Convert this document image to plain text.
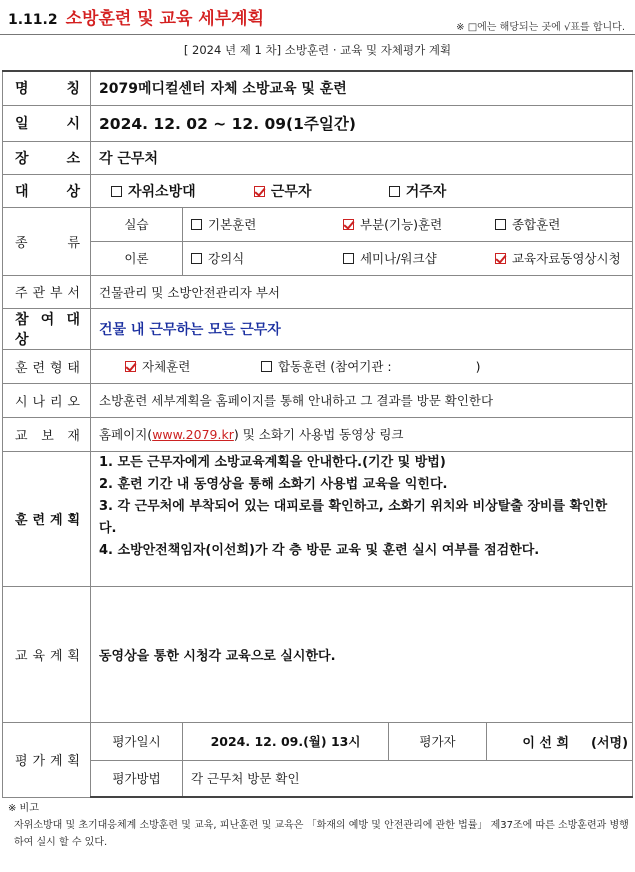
1.11.2 소방훈련 및 교육 세부계획	※ □에는 해당되는 곳에 √표를 합니다.
[ 2024 년 제 1 차] 소방훈련 · 교육 및 자체평가 계획
명 칭	2079메디컬센터 자체 소방교육 및 훈련			
일 시	2024. 12. 02 ~ 12. 09(1주일간)			
장 소	각 근무처			
대 상	자위소방대 근무자 거주자			
종 류	실습	기본훈련 부분(기능)훈련 종합훈련		
	이론	강의식 세미나/워크샵 교육자료동영상시청		
주 관 부 서	건물관리 및 소방안전관리자 부서			
참 여 대 상	건물 내 근무하는 모든 근무자			
훈 련 형 태	자체훈련 합동훈련 (참여기관 : )			
시 나 리 오	소방훈련 세부계획을 홈페이지를 통해 안내하고 그 결과를 방문 확인한다			
교 보 재	홈페이지(www.2079.kr) 및 소화기 사용법 동영상 링크			
훈 련 계 획	1. 모든 근무자에게 소방교육계획을 안내한다.(기간 및 방법)

2. 훈련 기간 내 동영상을 통해 소화기 사용법 교육을 익힌다.

3. 각 근무처에 부착되어 있는 대피로를 확인하고, 소화기 위치와 비상탈출 장비를 확인한다.

4. 소방안전책임자(이선희)가 각 층 방문 교육 및 훈련 실시 여부를 점검한다.			

교 육 계 획	동영상을 통한 시청각 교육으로 실시한다.			
평 가 계 획	평가일시	2024. 12. 09.(월) 13시	평가자	이 선 희 (서명)
	평가방법	각 근무처 방문 확인		
※ 비고
자위소방대 및 초기대응체계 소방훈련 및 교육, 피난훈련 및 교육은 「화재의 예방 및 안전관리에 관한 법률」 제37조에 따른 소방훈련과 병행하여 실시 할 수 있다.
